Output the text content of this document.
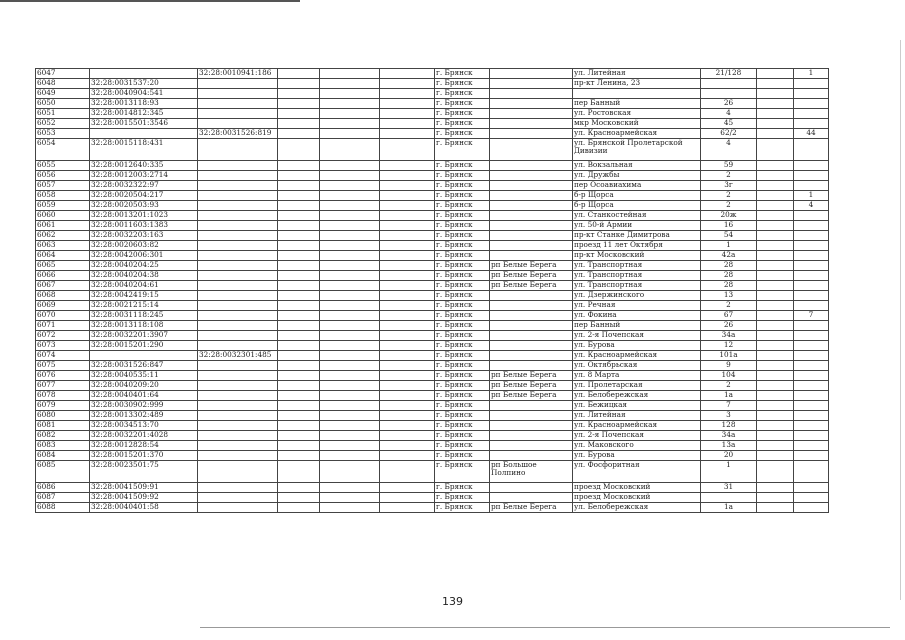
6047		32:28:0010941:186				г. Брянск		ул. Литейная	21/128		1
6048	32:28:0031537:20					г. Брянск		пр-кт Ленина, 23			
6049	32:28:0040904:541					г. Брянск					
6050	32:28:0013118:93					г. Брянск		пер Банный	26		
6051	32:28:0014812:345					г. Брянск		ул. Ростовская	4		
6052	32:28:0015501:3546					г. Брянск		мкр Московский	45		
6053		32:28:0031526:819				г. Брянск		ул. Красноармейская	62/2		44
6054	32:28:0015118:431					г. Брянск		ул. Брянской Пролетарской Дивизии	4		
6055	32:28:0012640:335					г. Брянск		ул. Вокзальная	59		
6056	32:28:0012003:2714					г. Брянск		ул. Дружбы	2		
6057	32:28:0032322:97					г. Брянск		пер Осоавиахима	3г		
6058	32:28:0020504:217					г. Брянск		б-р Щорса	2		1
6059	32:28:0020503:93					г. Брянск		б-р Щорса	2		4
6060	32:28:0013201:1023					г. Брянск		ул. Станкостейная	20ж		
6061	32:28:0011603:1383					г. Брянск		ул. 50-й Армии	16		
6062	32:28:0032203:163					г. Брянск		пр-кт Станке Димитрова	54		
6063	32:28:0020603:82					г. Брянск		проезд 11 лет Октября	1		
6064	32:28:0042006:301					г. Брянск		пр-кт Московский	42а		
6065	32:28:0040204:25					г. Брянск	рп Белые Берега	ул. Транспортная	28		
6066	32:28:0040204:38					г. Брянск	рп Белые Берега	ул. Транспортная	28		
6067	32:28:0040204:61					г. Брянск	рп Белые Берега	ул. Транспортная	28		
6068	32:28:0042419:15					г. Брянск		ул. Дзержинского	13		
6069	32:28:0021215:14					г. Брянск		ул. Речная	2		
6070	32:28:0031118:245					г. Брянск		ул. Фокина	67		7
6071	32:28:0013118:108					г. Брянск		пер Банный	26		
6072	32:28:0032201:3907					г. Брянск		ул. 2-я Почепская	34а		
6073	32:28:0015201:290					г. Брянск		ул. Бурова	12		
6074		32:28:0032301:485				г. Брянск		ул. Красноармейская	101а		
6075	32:28:0031526:847					г. Брянск		ул. Октябрьская	9		
6076	32:28:0040535:11					г. Брянск	рп Белые Берега	ул. 8 Марта	104		
6077	32:28:0040209:20					г. Брянск	рп Белые Берега	ул. Пролетарская	2		
6078	32:28:0040401:64					г. Брянск	рп Белые Берега	ул. Белобережская	1а		
6079	32:28:0030902:999					г. Брянск		ул. Бежицкая	7		
6080	32:28:0013302:489					г. Брянск		ул. Литейная	3		
6081	32:28:0034513:70					г. Брянск		ул. Красноармейская	128		
6082	32:28:0032201:4028					г. Брянск		ул. 2-я Почепская	34а		
6083	32:28:0012828:54					г. Брянск		ул. Маковского	13а		
6084	32:28:0015201:370					г. Брянск		ул. Бурова	20		
6085	32:28:0023501:75					г. Брянск	рп Большое Полпино	ул. Фосфоритная	1		
6086	32:28:0041509:91					г. Брянск		проезд Московский	31		
6087	32:28:0041509:92					г. Брянск		проезд Московский			
6088	32:28:0040401:58					г. Брянск	рп Белые Берега	ул. Белобережская	1а		
139
